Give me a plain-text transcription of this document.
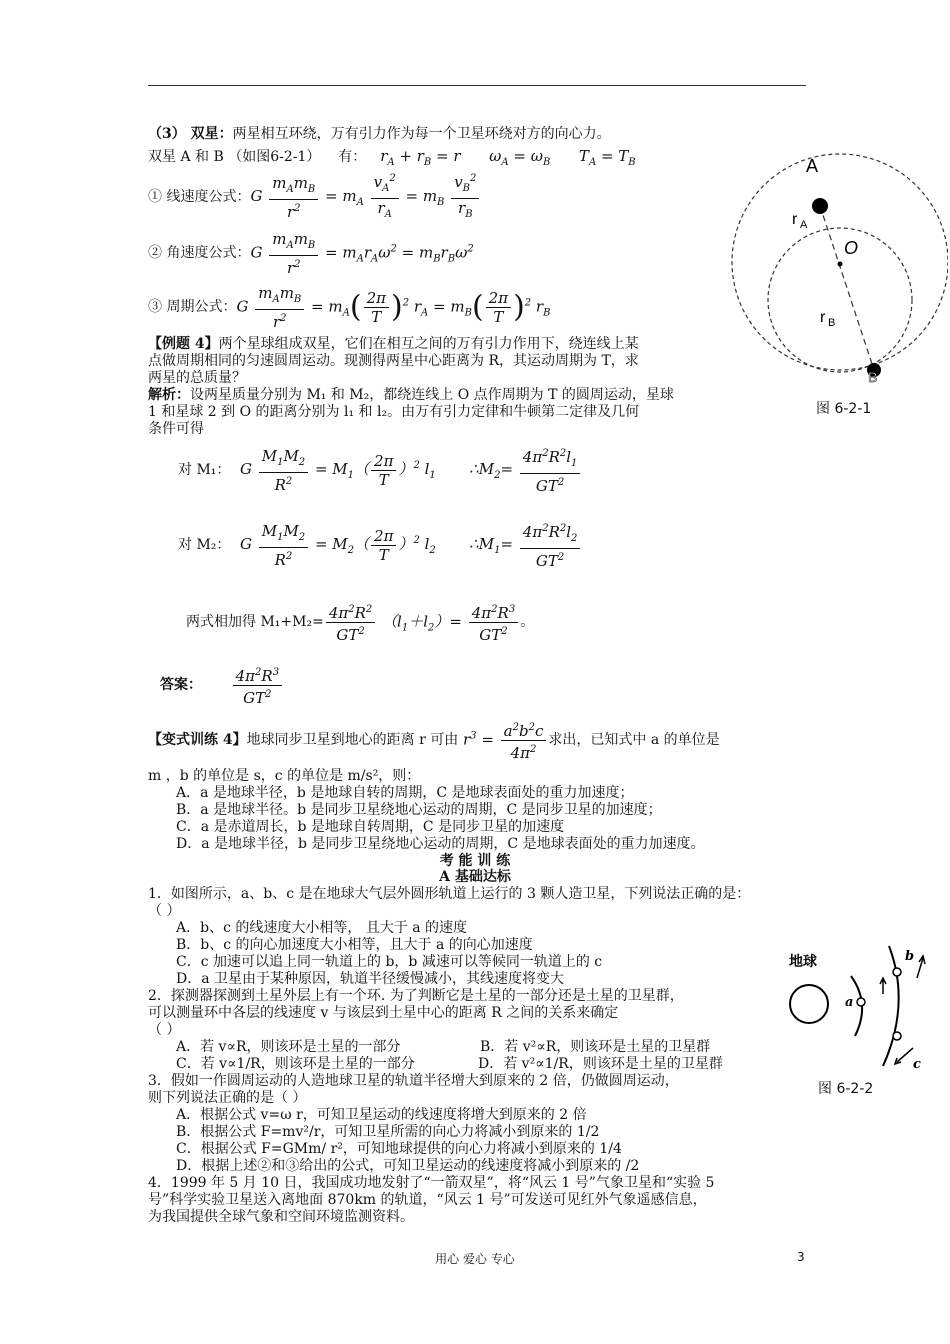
（3） 双星：两星相互环绕，万有引力作为每一个卫星环绕对方的向心力。
双星 A 和 B （如图6-2-1） 有：   $r_A + r_B = r$      $\omega_A = \omega_B$      $T_A = T_B$
① 线速度公式： G $\frac{m_Am_B}{r^2} = m_A \frac{v_A^2}{r_A} = m_B \frac{v_B^2}{r_B}$
② 角速度公式： G $\frac{m_Am_B}{r^2} = m_Ar_A\omega^2 = m_Br_B\omega^2$
③ 周期公式： G $\frac{m_Am_B}{r^2} = m_A( \frac{2\pi}{T} )^2$ $r_A = m_B( \frac{2\pi}{T} )^2$ $r_B$
【例题 4】两个星球组成双星，它们在相互之间的万有引力作用下，绕连线上某
点做周期相同的匀速圆周运动。现测得两星中心距离为 R，其运动周期为 T，求
两星的总质量？
解析：设两星质量分别为 M₁ 和 M₂，都绕连线上 O 点作周期为 T 的圆周运动，星球
1 和星球 2 到 O 的距离分别为 l₁ 和 l₂。由万有引力定律和牛顿第二定律及几何
条件可得
对 M₁： G $\frac{M_1M_2}{R^2} = M_1( \frac{2\pi}{T} )^2$ $l_1$       $\therefore M_2= \frac{4\pi^2R^2l_1}{GT^2}$
对 M₂： G $\frac{M_1M_2}{R^2} = M_2( \frac{2\pi}{T} )^2$ $l_2$       $\therefore M_1= \frac{4\pi^2R^2l_2}{GT^2}$
两式相加得 $M_1+M_2= \frac{4\pi^2R^2}{GT^2} (l_1+l_2)= \frac{4\pi^2R^3}{GT^2}$ 。
答案：
$\frac{4\pi^2R^3}{GT^2}$
【变式训练 4】 地球同步卫星到地心的距离 r 可由 $r^3 = \frac{a^2b^2c}{4\pi^2}$ 求出，已知式中 a 的单位是
m ，b 的单位是 s，c 的单位是 m/s²，则：
A．a 是地球半径，b 是地球自转的周期，C 是地球表面处的重力加速度；
B．a 是地球半径。b 是同步卫星绕地心运动的周期，C 是同步卫星的加速度；
C．a 是赤道周长，b 是地球自转周期，C 是同步卫星的加速度
D．a 是地球半径，b 是同步卫星绕地心运动的周期，C 是地球表面处的重力加速度。
考 能 训 练
A 基础达标
1．如图所示，a、b、c 是在地球大气层外圆形轨道上运行的 3 颗人造卫星，下列说法正确的是：
（ ）
A．b、c 的线速度大小相等， 且大于 a 的速度
B．b、c 的向心加速度大小相等，且大于 a 的向心加速度
C．c 加速可以追上同一轨道上的 b，b 减速可以等候同一轨道上的 c
D．a 卫星由于某种原因，轨道半径缓慢减小，其线速度将变大
2．探测器探测到土星外层上有一个环. 为了判断它是土星的一部分还是土星的卫星群，
可以测量环中各层的线速度 v 与该层到土星中心的距离 R 之间的关系来确定
（ ）
A．若 v∝R，则该环是土星的一部分	B．若 v²∝R，则该环是土星的卫星群
C．若 v∝1/R，则该环是土星的一部分	D．若 v²∝1/R，则该环是土星的卫星群
3．假如一作圆周运动的人造地球卫星的轨道半径增大到原来的 2 倍，仍做圆周运动，
则下列说法正确的是（ ）
A．根据公式 v=ω r，可知卫星运动的线速度将增大到原来的 2 倍
B．根据公式 F=mv²/r，可知卫星所需的向心力将减小到原来的 1/2
C．根据公式 F=GMm/ r²，可知地球提供的向心力将减小到原来的 1/4
D．根据上述②和③给出的公式，可知卫星运动的线速度将减小到原来的 /2
4．1999 年 5 月 10 日，我国成功地发射了“一箭双星”，将“风云 1 号”气象卫星和“实验 5
号”科学实验卫星送入离地面 870km 的轨道，“风云 1 号”可发送可见红外气象遥感信息，
为我国提供全球气象和空间环境监测资料。
A
O
r A
r B
B
图 6-2-1
地球
a
b
c
图 6-2-2
用心 爱心 专心	3
